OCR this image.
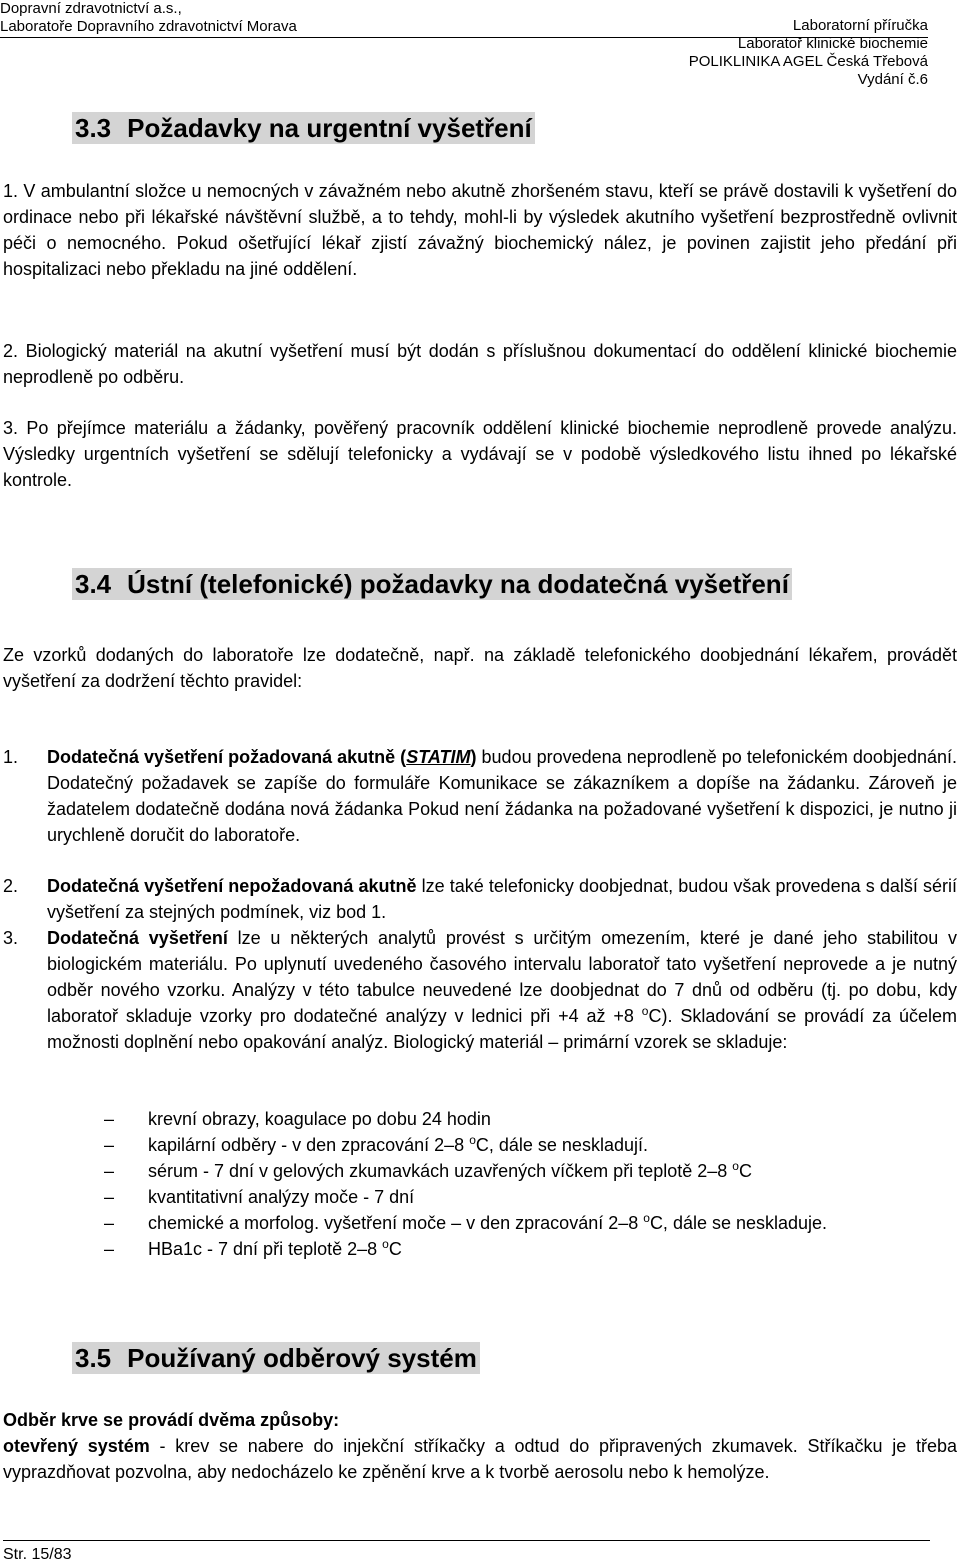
Dopravní zdravotnictví a.s.,
Laboratoře Dopravního zdravotnictví Morava	Laboratorní příručka
Laboratoř klinické biochemie
POLIKLINIKA AGEL Česká Třebová
Vydání č.6
3.3 Požadavky na urgentní vyšetření
1. V ambulantní složce u nemocných v závažném nebo akutně zhoršeném stavu, kteří se právě dostavili k vyšetření do ordinace nebo při lékařské návštěvní službě, a to tehdy, mohl-li by výsledek akutního vyšetření bezprostředně ovlivnit péči o nemocného. Pokud ošetřující lékař zjistí závažný biochemický nález, je povinen zajistit jeho předání při hospitalizaci nebo překladu na jiné oddělení.
2. Biologický materiál na akutní vyšetření musí být dodán s příslušnou dokumentací do oddělení klinické biochemie neprodleně po odběru.
3. Po přejímce materiálu a žádanky, pověřený pracovník oddělení klinické biochemie neprodleně provede analýzu. Výsledky urgentních vyšetření se sdělují telefonicky a vydávají se v podobě výsledkového listu ihned po lékařské kontrole.
3.4 Ústní (telefonické) požadavky na dodatečná vyšetření
Ze vzorků dodaných do laboratoře lze dodatečně, např. na základě telefonického doobjednání lékařem, provádět vyšetření za dodržení těchto pravidel:
1. Dodatečná vyšetření požadovaná akutně (STATIM) budou provedena neprodleně po telefonickém doobjednání. Dodatečný požadavek se zapíše do formuláře Komunikace se zákazníkem a dopíše na žádanku. Zároveň je žadatelem dodatečně dodána nová žádanka Pokud není žádanka na požadované vyšetření k dispozici, je nutno ji urychleně doručit do laboratoře.
2. Dodatečná vyšetření nepožadovaná akutně lze také telefonicky doobjednat, budou však provedena s další sérií vyšetření za stejných podmínek, viz bod 1.
3. Dodatečná vyšetření lze u některých analytů provést s určitým omezením, které je dané jeho stabilitou v biologickém materiálu. Po uplynutí uvedeného časového intervalu laboratoř tato vyšetření neprovede a je nutný odběr nového vzorku. Analýzy v této tabulce neuvedené lze doobjednat do 7 dnů od odběru (tj. po dobu, kdy laboratoř skladuje vzorky pro dodatečné analýzy v lednici při +4 až +8 $^o$C). Skladování se provádí za účelem možnosti doplnění nebo opakování analýz. Biologický materiál – primární vzorek se skladuje:
– krevní obrazy, koagulace po dobu 24 hodin
– kapilární odběry - v den zpracování 2–8 $^o$C, dále se neskladují.
– sérum - 7 dní v gelových zkumavkách uzavřených víčkem při teplotě 2–8 $^o$C
– kvantitativní analýzy moče - 7 dní
– chemické a morfolog. vyšetření moče – v den zpracování 2–8 $^o$C, dále se neskladuje.
– HBa1c - 7 dní při teplotě 2–8 $^o$C
3.5 Používaný odběrový systém
Odběr krve se provádí dvěma způsoby:
otevřený systém - krev se nabere do injekční stříkačky a odtud do připravených zkumavek. Stříkačku je třeba vyprazdňovat pozvolna, aby nedocházelo ke zpěnění krve a k tvorbě aerosolu nebo k hemolýze.
Str. 15/83
